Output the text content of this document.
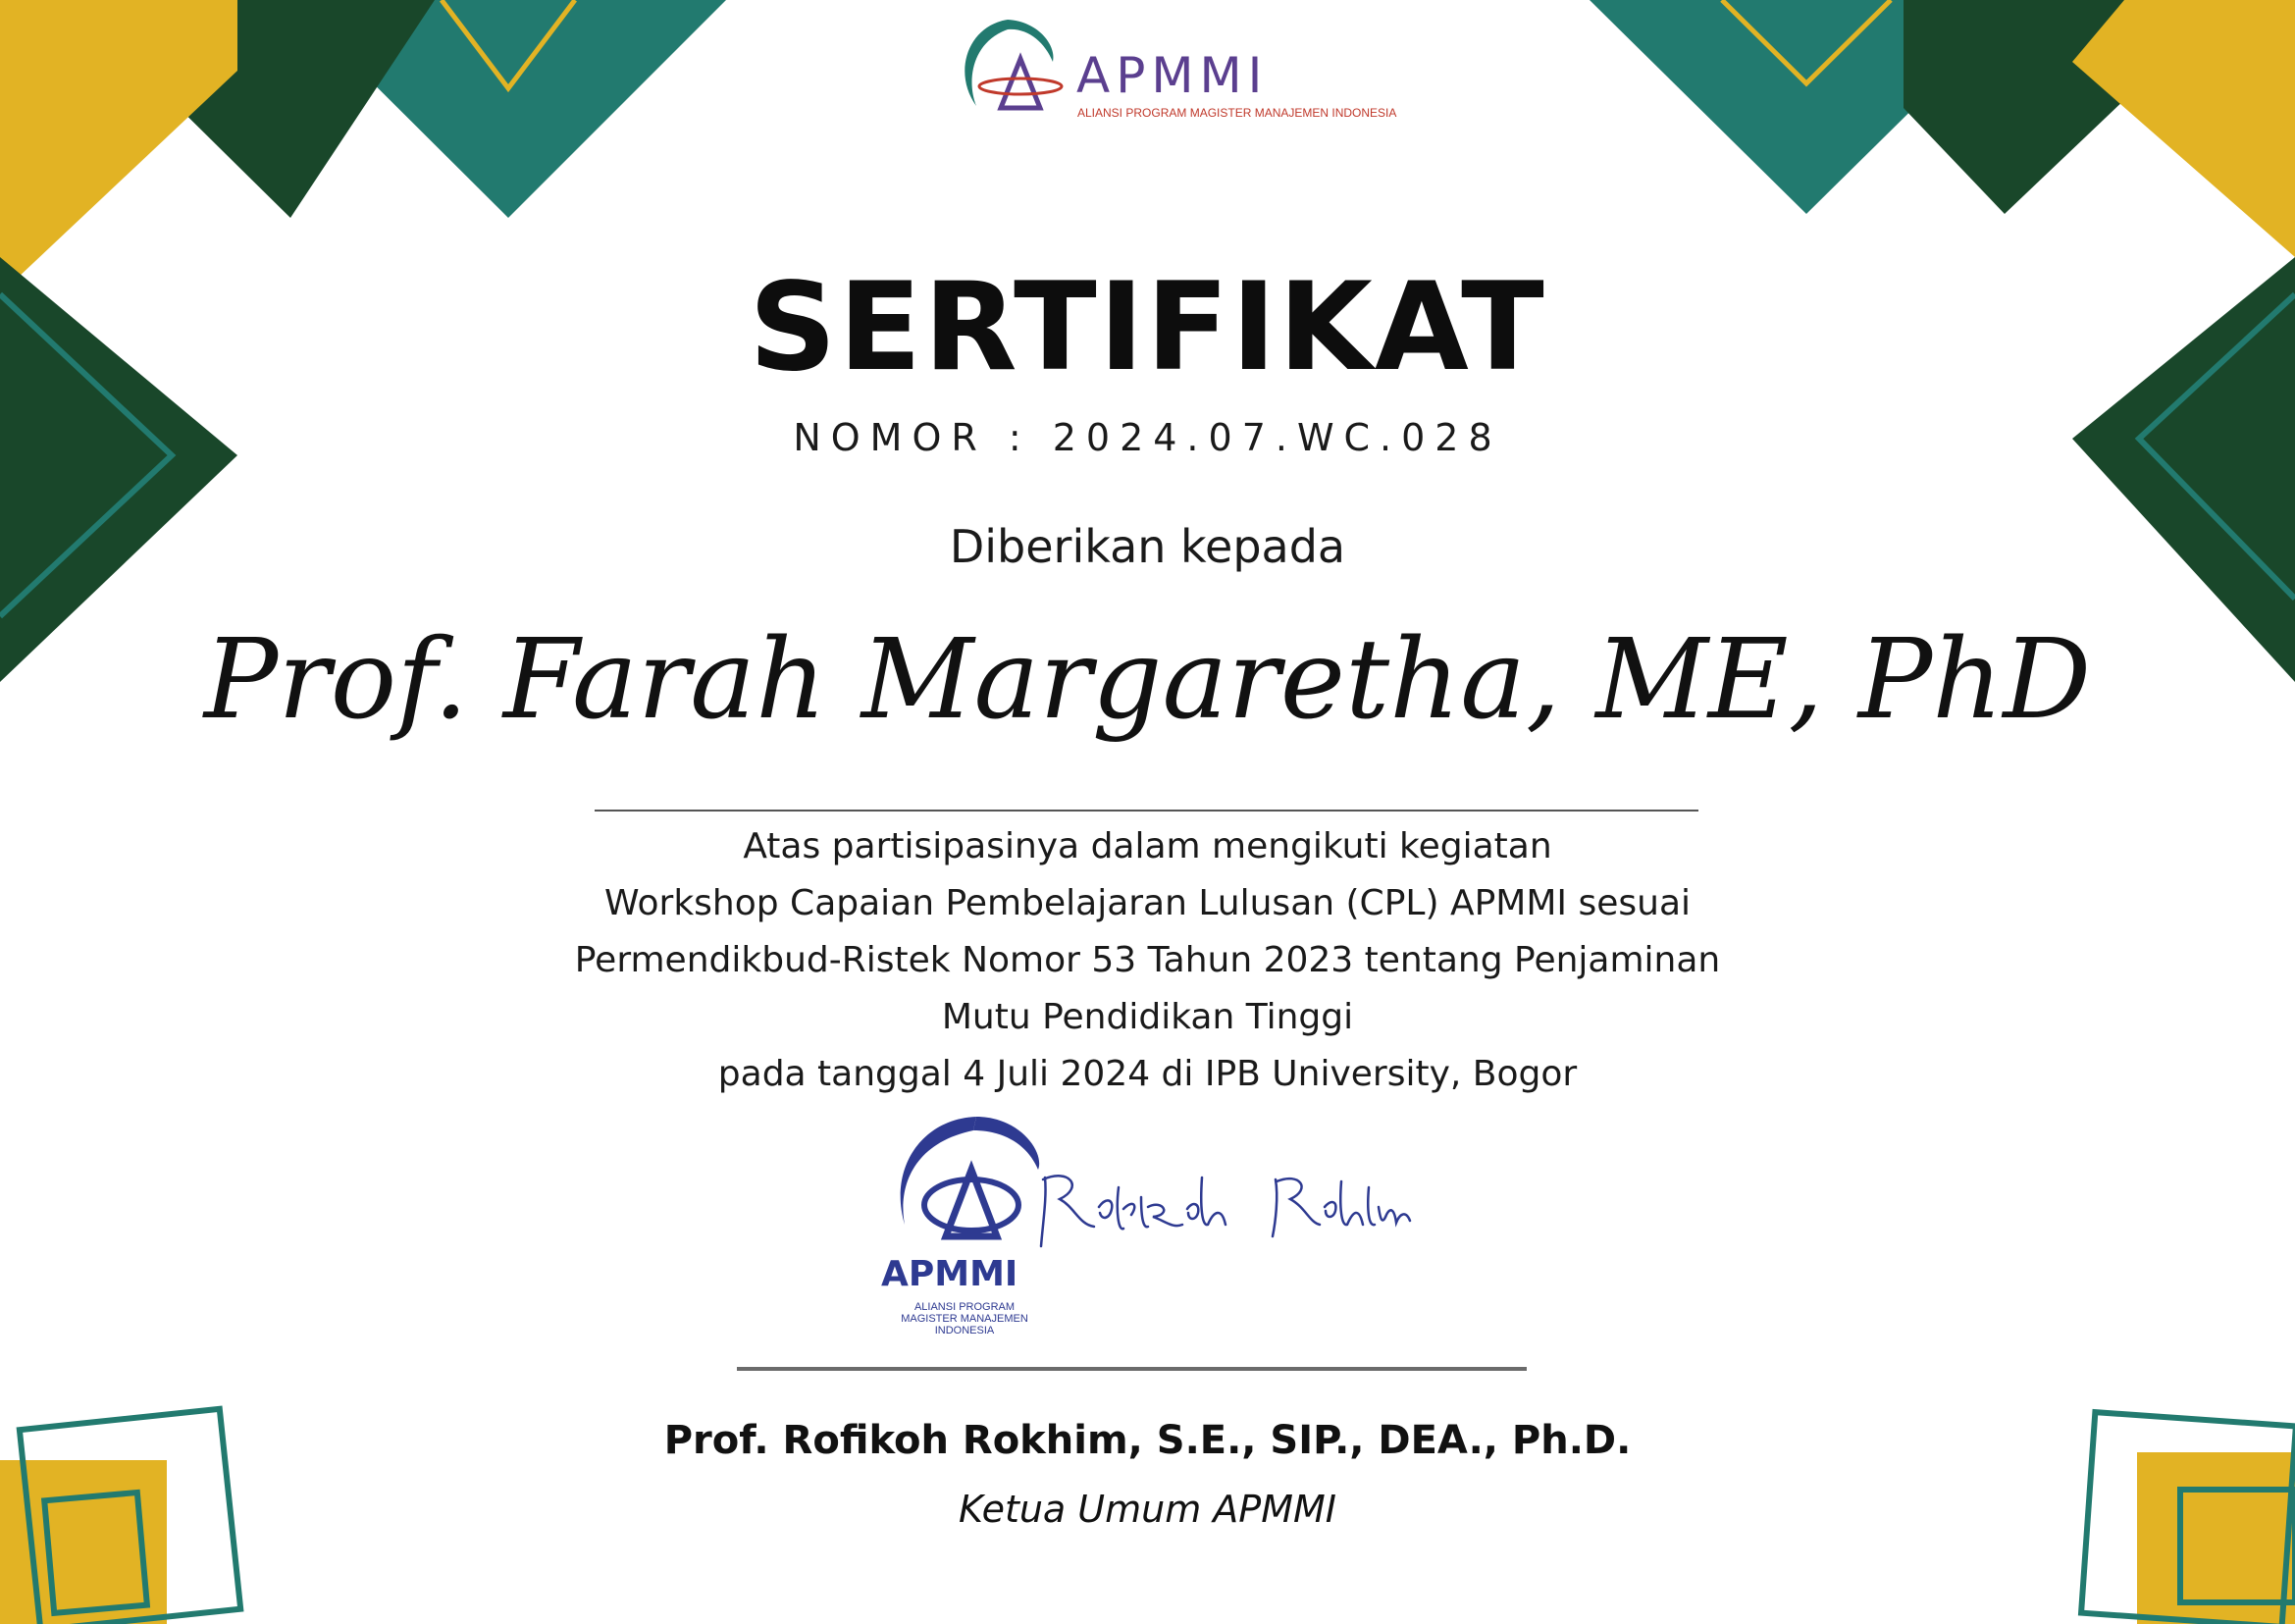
APMMI
ALIANSI PROGRAM MAGISTER MANAJEMEN INDONESIA
SERTIFIKAT
NOMOR : 2024.07.WC.028
Diberikan kepada
Prof. Farah Margaretha, ME, PhD
Atas partisipasinya dalam mengikuti kegiatan
Workshop Capaian Pembelajaran Lulusan (CPL) APMMI sesuai
Permendikbud-Ristek Nomor 53 Tahun 2023 tentang Penjaminan
Mutu Pendidikan Tinggi
pada tanggal 4 Juli 2024 di IPB University, Bogor
APMMI
ALIANSI PROGRAM
MAGISTER MANAJEMEN
INDONESIA
Prof. Rofikoh Rokhim, S.E., SIP., DEA., Ph.D.
Ketua Umum APMMI
